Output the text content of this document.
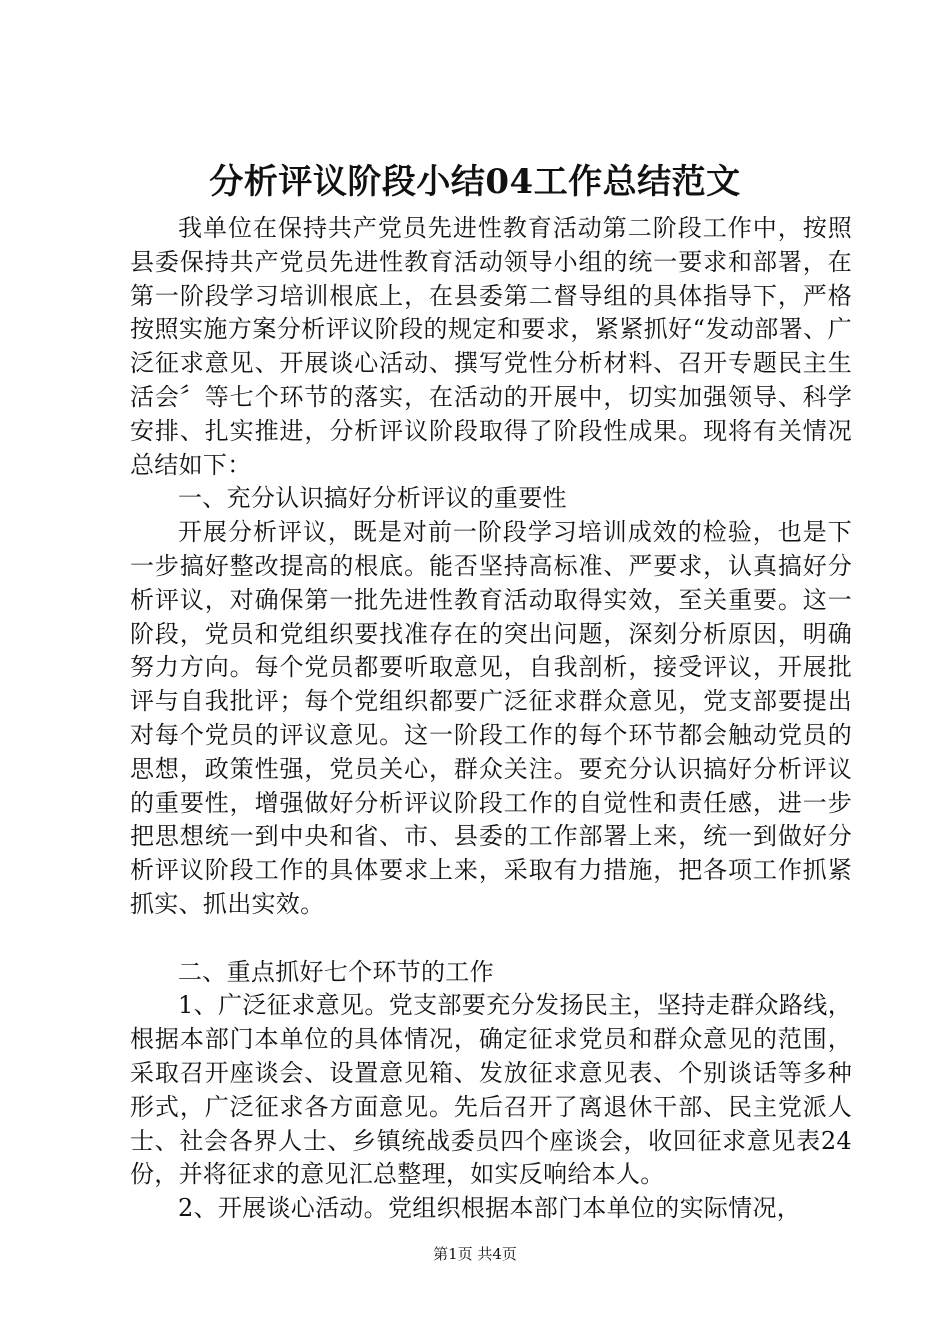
分析评议阶段小结04工作总结范文

我单位在保持共产党员先进性教育活动第二阶段工作中，按照县委保持共产党员先进性教育活动领导小组的统一要求和部署，在第一阶段学习培训根底上，在县委第二督导组的具体指导下，严格按照实施方案分析评议阶段的规定和要求，紧紧抓好“发动部署、广泛征求意见、开展谈心活动、撰写党性分析材料、召开专题民主生活会〞等七个环节的落实，在活动的开展中，切实加强领导、科学安排、扎实推进，分析评议阶段取得了阶段性成果。现将有关情况总结如下：

一、充分认识搞好分析评议的重要性

开展分析评议，既是对前一阶段学习培训成效的检验，也是下一步搞好整改提高的根底。能否坚持高标准、严要求，认真搞好分析评议，对确保第一批先进性教育活动取得实效，至关重要。这一阶段，党员和党组织要找准存在的突出问题，深刻分析原因，明确努力方向。每个党员都要听取意见，自我剖析，接受评议，开展批评与自我批评；每个党组织都要广泛征求群众意见，党支部要提出对每个党员的评议意见。这一阶段工作的每个环节都会触动党员的思想，政策性强，党员关心，群众关注。要充分认识搞好分析评议的重要性，增强做好分析评议阶段工作的自觉性和责任感，进一步把思想统一到中央和省、市、县委的工作部署上来，统一到做好分析评议阶段工作的具体要求上来，采取有力措施，把各项工作抓紧抓实、抓出实效。

二、重点抓好七个环节的工作

1、广泛征求意见。党支部要充分发扬民主，坚持走群众路线，根据本部门本单位的具体情况，确定征求党员和群众意见的范围，采取召开座谈会、设置意见箱、发放征求意见表、个别谈话等多种形式，广泛征求各方面意见。先后召开了离退休干部、民主党派人士、社会各界人士、乡镇统战委员四个座谈会，收回征求意见表24份，并将征求的意见汇总整理，如实反响给本人。

2、开展谈心活动。党组织根据本部门本单位的实际情况，

第1页 共4页
